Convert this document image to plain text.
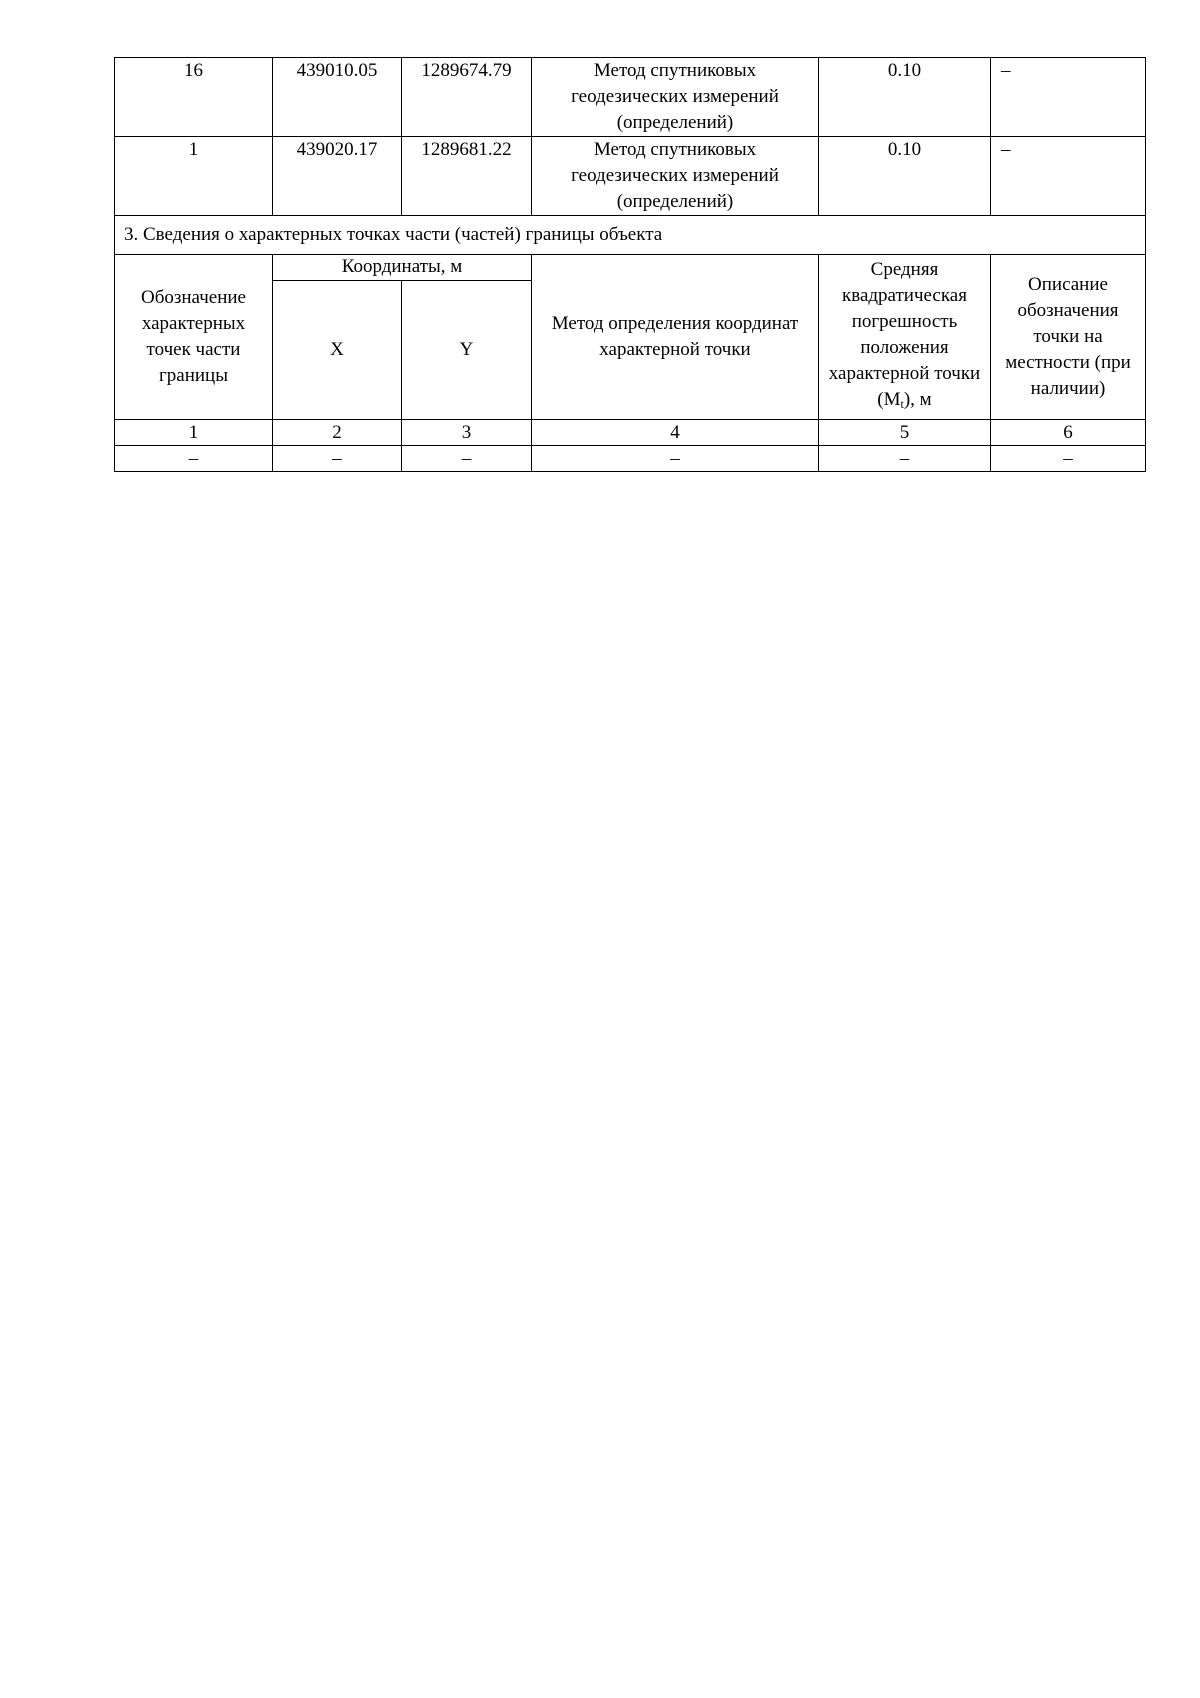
16	439010.05	1289674.79	Метод спутниковых геодезических измерений (определений)	0.10	–
1	439020.17	1289681.22	Метод спутниковых геодезических измерений (определений)	0.10	–
3. Сведения о характерных точках части (частей) границы объекта					
Обозначение характерных точек части границы	Координаты, м		Метод определения координат характерной точки	Средняя квадратическая погрешность положения характерной точки $(M_t)$, м	Описание обозначения точки на местности (при наличии)
	X	Y			
1	2	3	4	5	6
–	–	–	–	–	–
